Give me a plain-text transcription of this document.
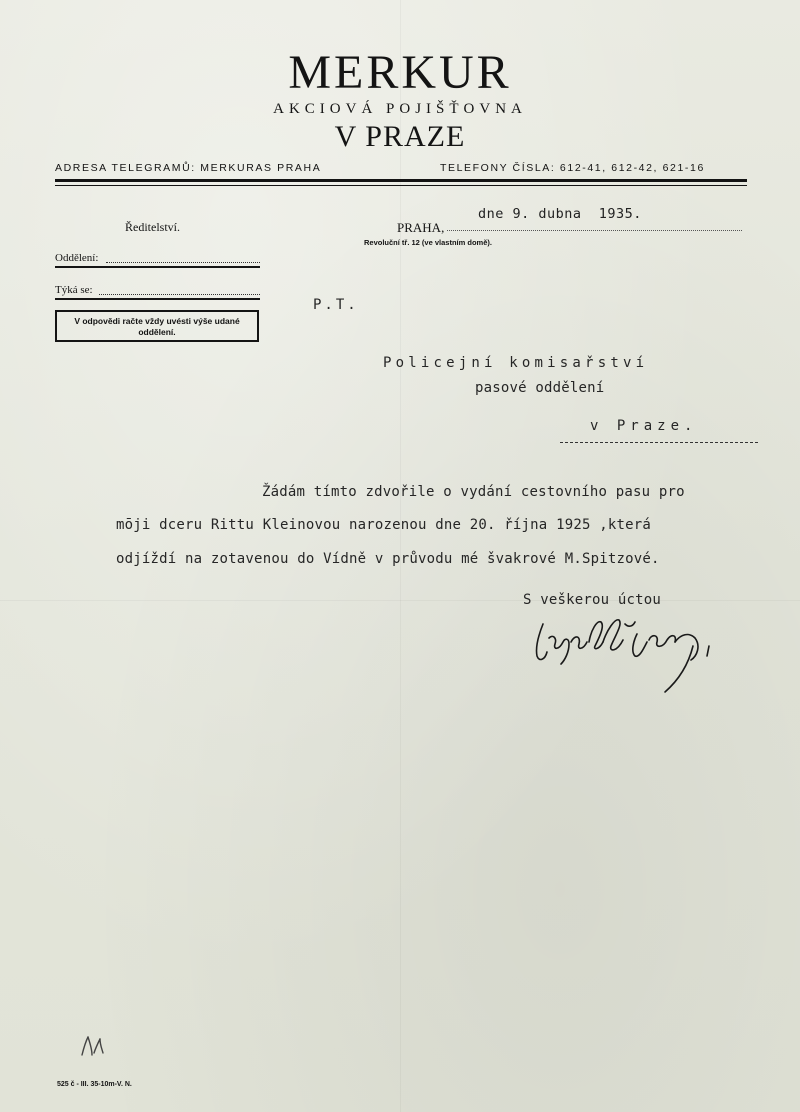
MERKUR
AKCIOVÁ POJIŠŤOVNA
V PRAZE
ADRESA TELEGRAMŮ: MERKURAS PRAHA	TELEFONY ČÍSLA: 612-41, 612-42, 621-16
Ředitelství.
Oddělení:
Týká se:
V odpovědi račte vždy uvésti výše udané oddělení.
PRAHA,
dne 9. dubna  1935.
Revoluční tř. 12 (ve vlastním domě).
P.T.
Policejní komisařství
pasové oddělení
v Praze.
Žádám tímto zdvořile o vydání cestovního pasu pro
mōji dceru Rittu Kleinovou narozenou dne 20. října 1925 ,která
odjíždí na zotavenou do Vídně v průvodu mé švakrové M.Spitzové.
S veškerou úctou
525 č - III. 35-10m-V. N.
